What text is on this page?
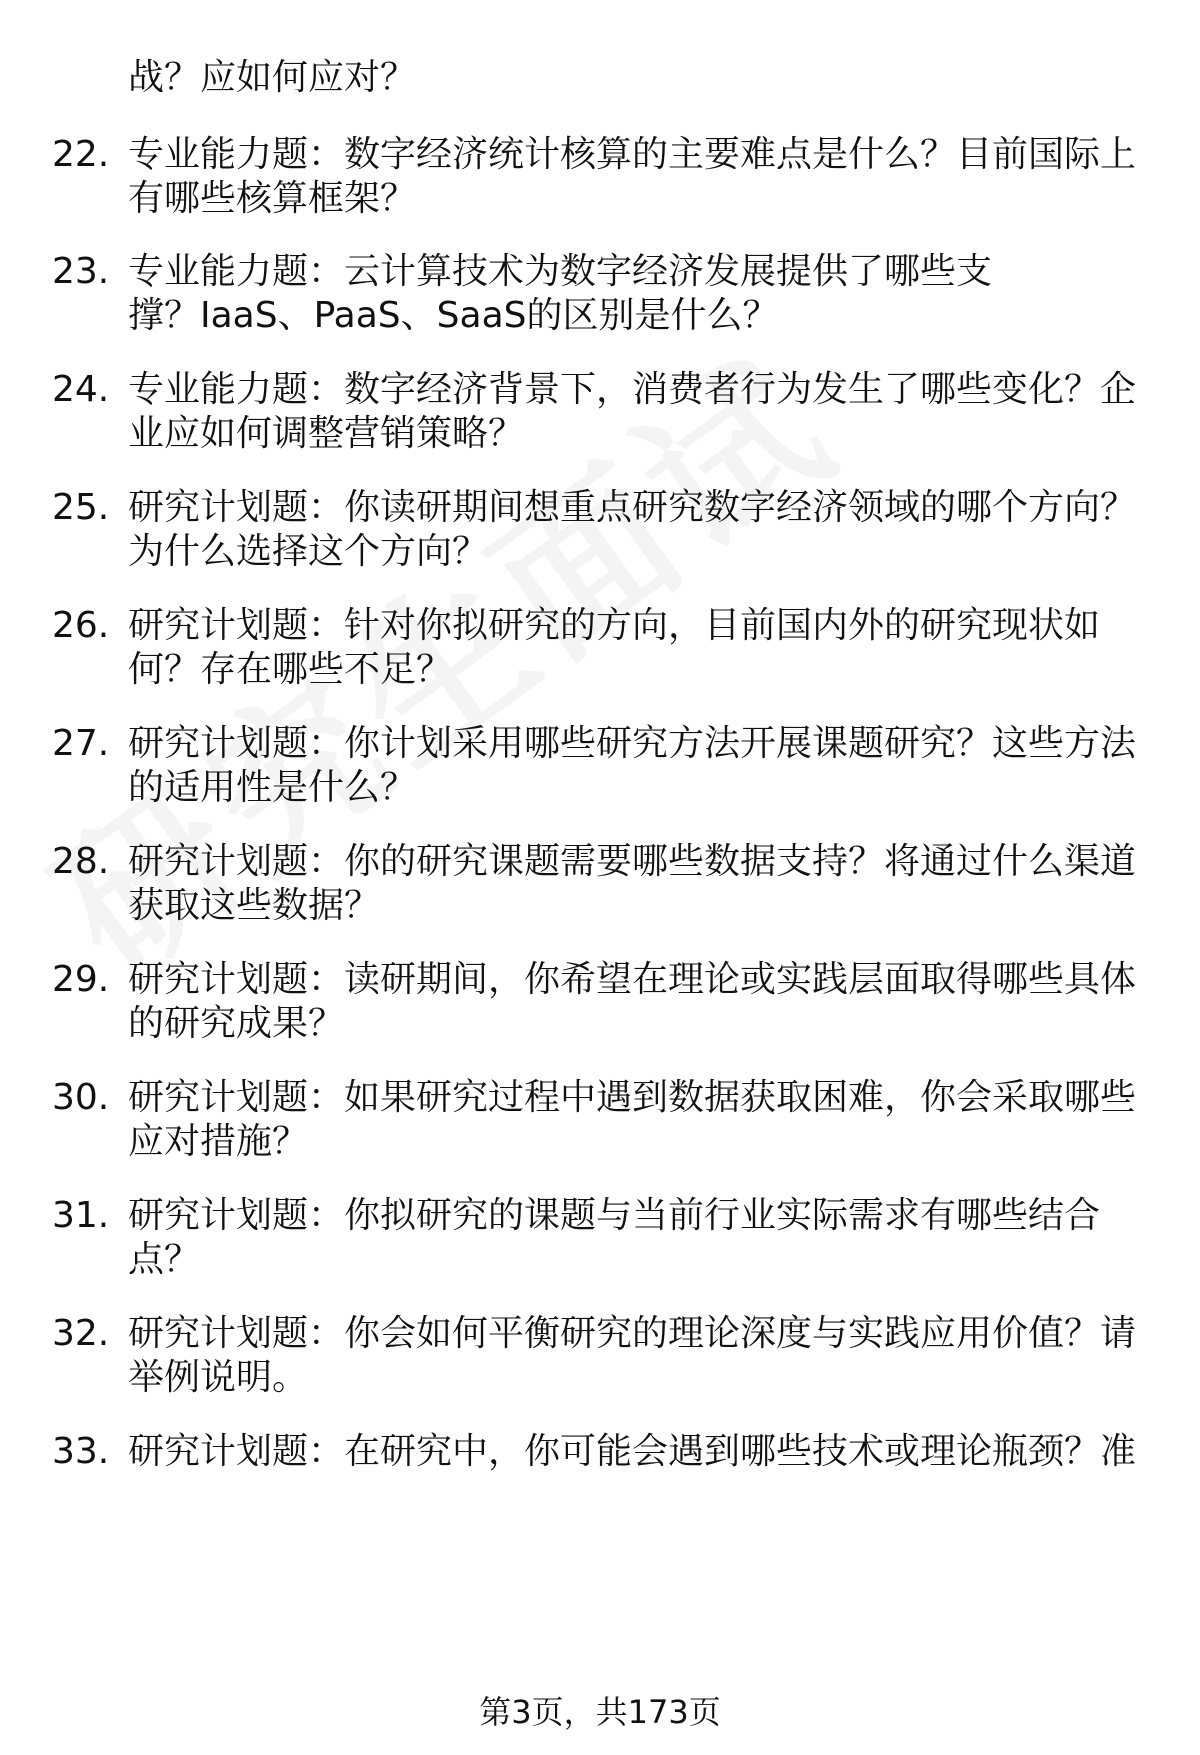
战？应如何应对？
22. 专业能力题：数字经济统计核算的主要难点是什么？目前国际上
有哪些核算框架？
23. 专业能力题：云计算技术为数字经济发展提供了哪些支
撑？IaaS、PaaS、SaaS的区别是什么？
24. 专业能力题：数字经济背景下，消费者行为发生了哪些变化？企
业应如何调整营销策略？
25. 研究计划题：你读研期间想重点研究数字经济领域的哪个方向？
为什么选择这个方向？
26. 研究计划题：针对你拟研究的方向，目前国内外的研究现状如
何？存在哪些不足？
27. 研究计划题：你计划采用哪些研究方法开展课题研究？这些方法
的适用性是什么？
28. 研究计划题：你的研究课题需要哪些数据支持？将通过什么渠道
获取这些数据？
29. 研究计划题：读研期间，你希望在理论或实践层面取得哪些具体
的研究成果？
30. 研究计划题：如果研究过程中遇到数据获取困难，你会采取哪些
应对措施？
31. 研究计划题：你拟研究的课题与当前行业实际需求有哪些结合
点？
32. 研究计划题：你会如何平衡研究的理论深度与实践应用价值？请
举例说明。
33. 研究计划题：在研究中，你可能会遇到哪些技术或理论瓶颈？准
第3页，共173页
